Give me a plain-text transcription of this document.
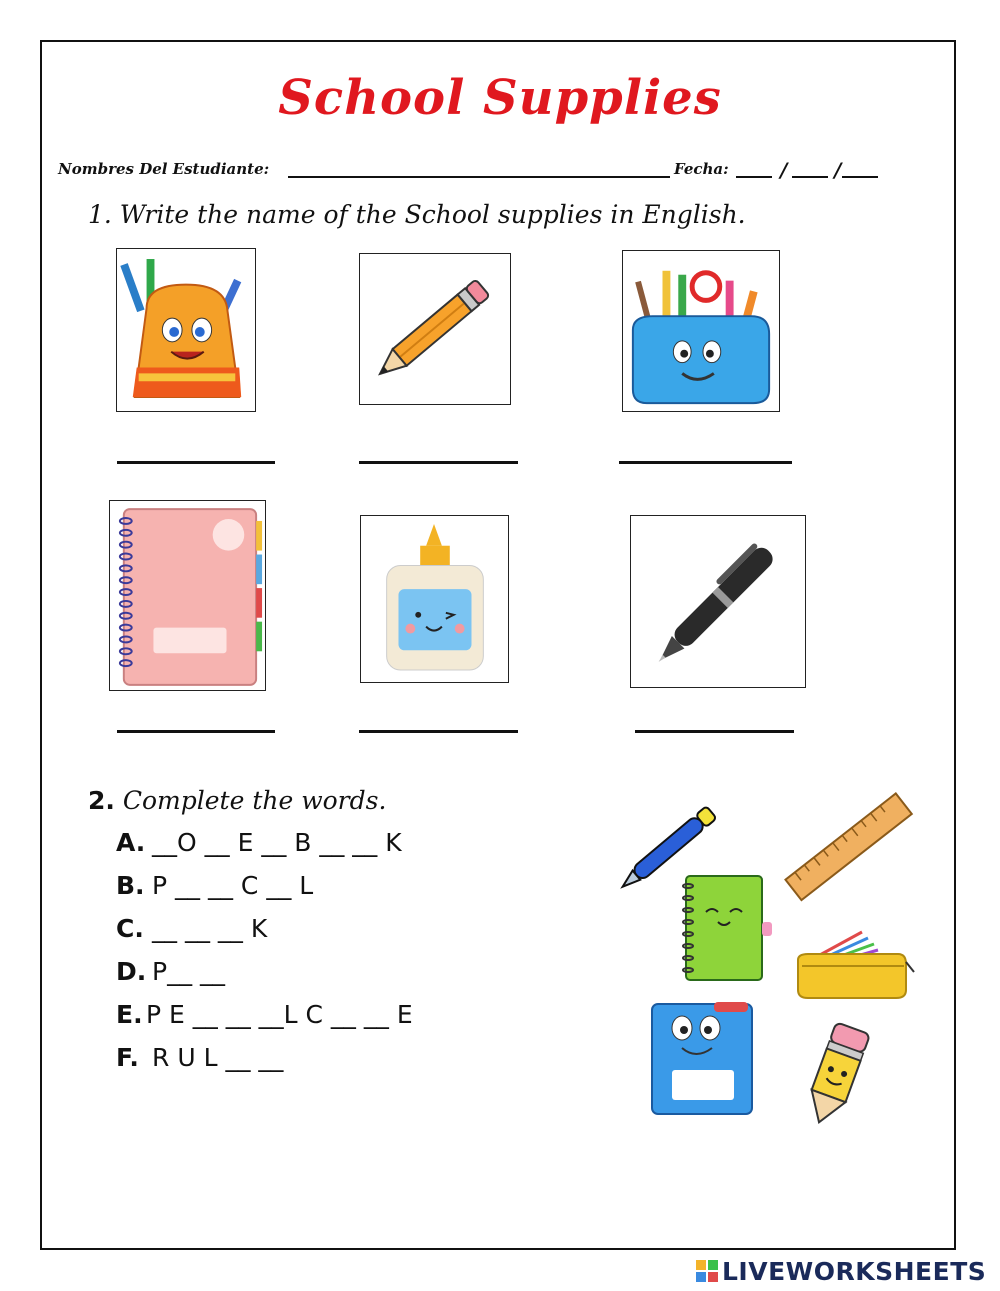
School Supplies
Nombres Del Estudiante:	Fecha:	/ /
1. Write the name of the School supplies in English.
2. Complete the words.
A. __O __ E __ B __ __ K
B. P __ __ C __ L
C. __ __ __ K
D. P__ __
E. P E __ __ __L C __ __ E
F. R U L __ __
LIVEWORKSHEETS
